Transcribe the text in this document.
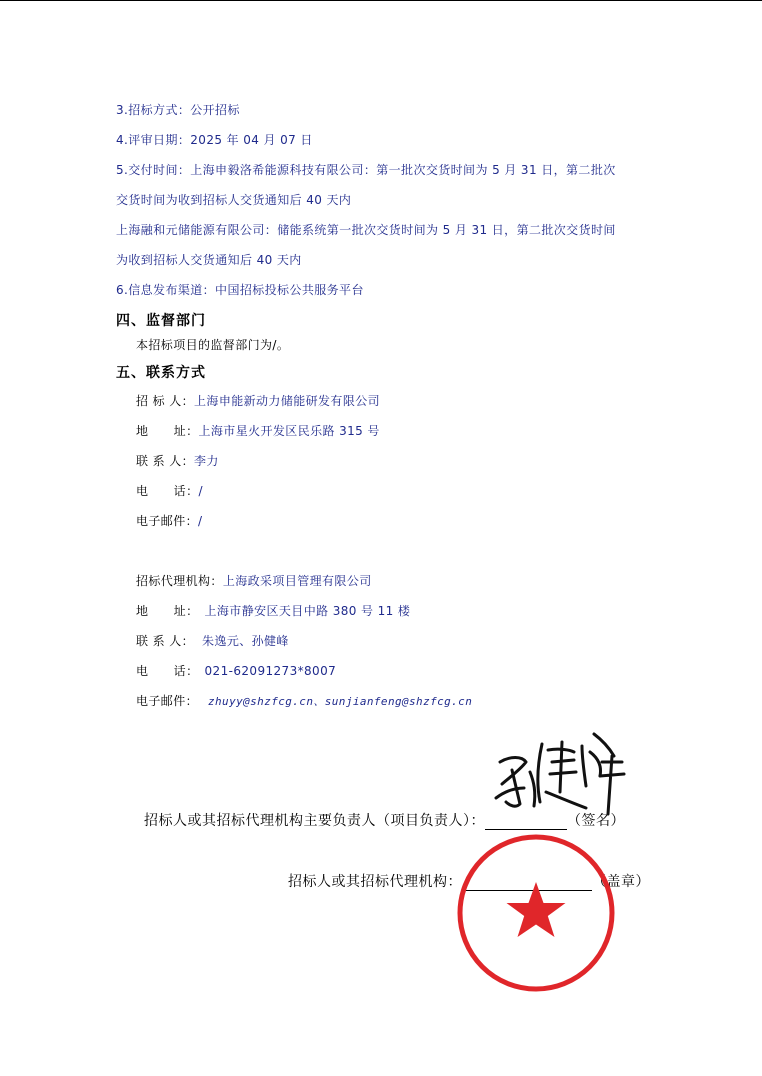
3.招标方式：公开招标
4.评审日期：2025 年 04 月 07 日
5.交付时间：上海申毅洛希能源科技有限公司：第一批次交货时间为 5 月 31 日，第二批次
交货时间为收到招标人交货通知后 40 天内
上海融和元储能源有限公司：储能系统第一批次交货时间为 5 月 31 日，第二批次交货时间
为收到招标人交货通知后 40 天内
6.信息发布渠道：中国招标投标公共服务平台
四、监督部门
本招标项目的监督部门为/。
五、联系方式
招 标 人：上海申能新动力储能研发有限公司
地      址：上海市星火开发区民乐路 315 号
联 系 人：李力
电      话：/
电子邮件：/
招标代理机构：上海政采项目管理有限公司
地      址： 上海市静安区天目中路 380 号 11 楼
联 系 人： 朱逸元、孙健峰
电      话： 021-62091273*8007
电子邮件： zhuyy@shzfcg.cn、sunjianfeng@shzfcg.cn
招标人或其招标代理机构主要负责人（项目负责人）：	（签名）
招标人或其招标代理机构：	（盖章）
